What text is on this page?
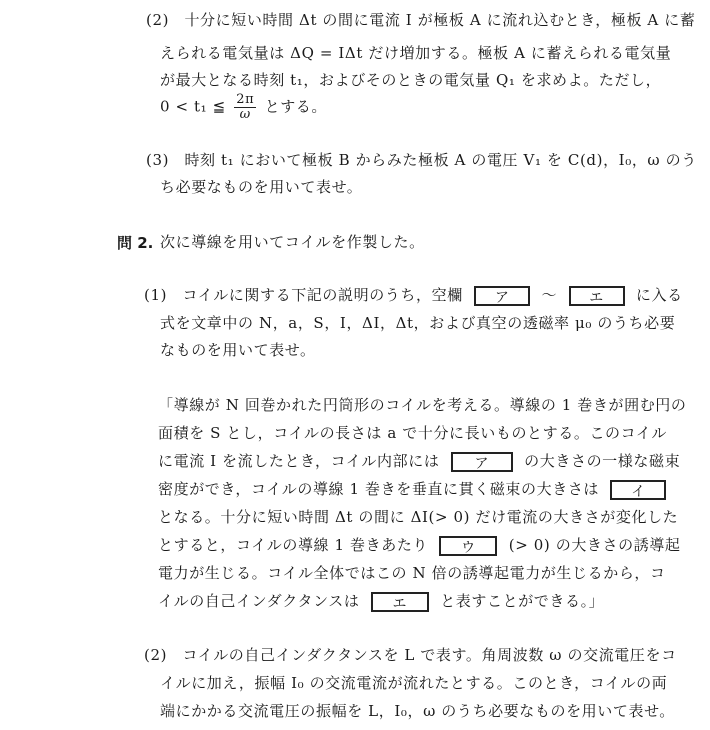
(2) 十分に短い時間 Δt の間に電流 I が極板 A に流れ込むとき，極板 A に蓄
えられる電気量は ΔQ = IΔt だけ増加する。極板 A に蓄えられる電気量
が最大となる時刻 t₁，およびそのときの電気量 Q₁ を求めよ。ただし，
0 < t₁ ≦ $\frac{2\pi}{\omega}$ とする。
(3) 時刻 t₁ において極板 B からみた極板 A の電圧 V₁ を C(d)，I₀，ω のう
ち必要なものを用いて表せ。
問 2. 次に導線を用いてコイルを作製した。
(1) コイルに関する下記の説明のうち，空欄 ア ～ エ に入る
式を文章中の N，a，S，I，ΔI，Δt，および真空の透磁率 μ₀ のうち必要
なものを用いて表せ。
「導線が N 回巻かれた円筒形のコイルを考える。導線の 1 巻きが囲む円の
面積を S とし，コイルの長さは a で十分に長いものとする。このコイル
に電流 I を流したとき，コイル内部には	ア の大きさの一様な磁束
密度ができ，コイルの導線 1 巻きを垂直に貫く磁束の大きさは イ
となる。十分に短い時間 Δt の間に ΔI(> 0) だけ電流の大きさが変化した
とすると，コイルの導線 1 巻きあたり ウ (> 0) の大きさの誘導起
電力が生じる。コイル全体ではこの N 倍の誘導起電力が生じるから，コ
イルの自己インダクタンスは エ と表すことができる。」
(2) コイルの自己インダクタンスを L で表す。角周波数 ω の交流電圧をコ
イルに加え，振幅 I₀ の交流電流が流れたとする。このとき，コイルの両
端にかかる交流電圧の振幅を L，I₀，ω のうち必要なものを用いて表せ。
